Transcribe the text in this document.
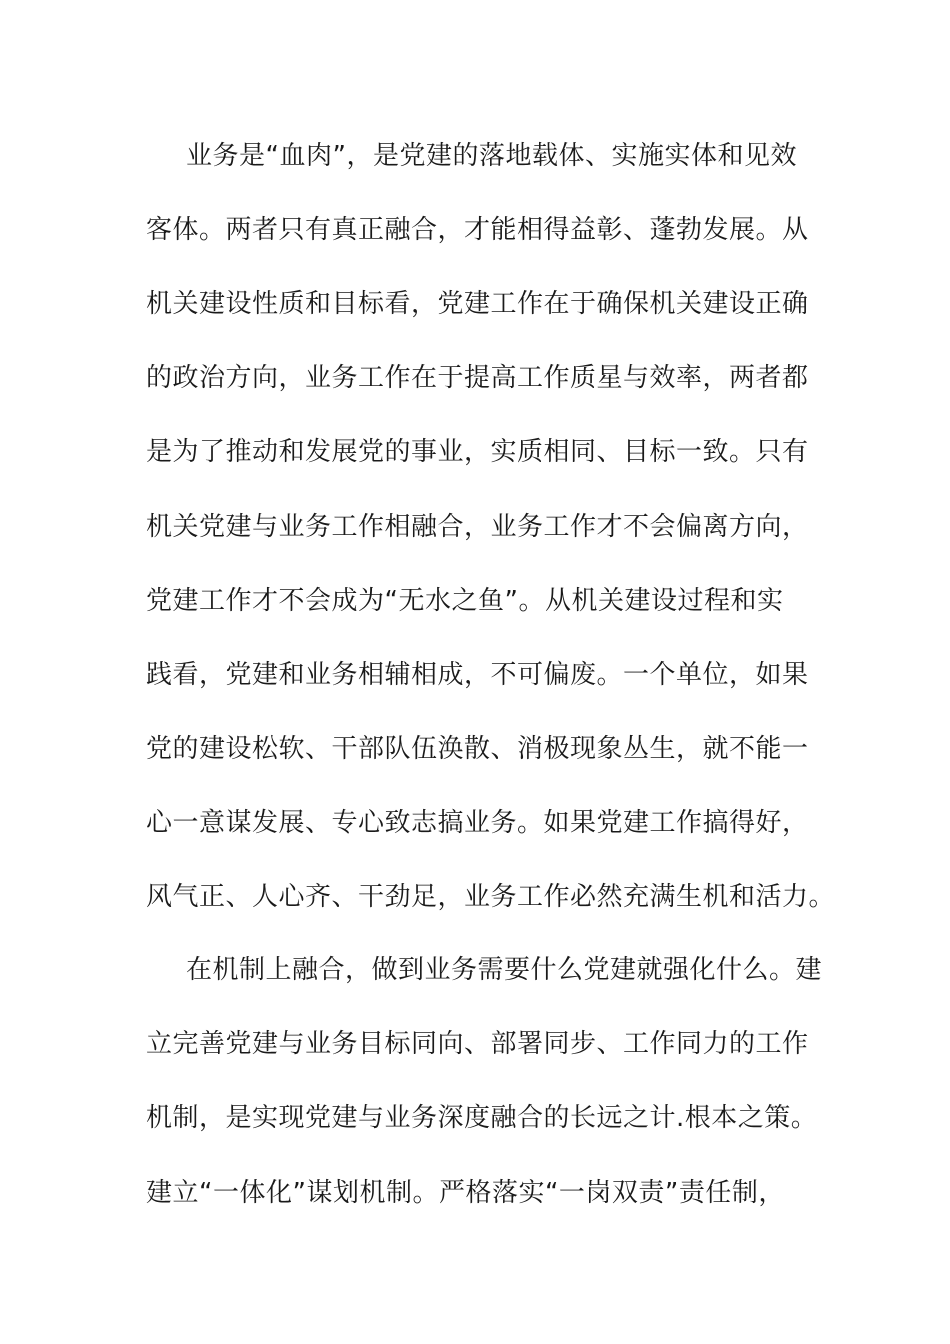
业务是“血肉”，是党建的落地载体、实施实体和见效
客体。两者只有真正融合，才能相得益彰、蓬勃发展。从
机关建设性质和目标看，党建工作在于确保机关建设正确
的政治方向，业务工作在于提高工作质星与效率，两者都
是为了推动和发展党的事业，实质相同、目标一致。只有
机关党建与业务工作相融合，业务工作才不会偏离方向，
党建工作才不会成为“无水之鱼”。从机关建设过程和实
践看，党建和业务相辅相成，不可偏废。一个单位，如果
党的建设松软、干部队伍涣散、消极现象丛生，就不能一
心一意谋发展、专心致志搞业务。如果党建工作搞得好，
风气正、人心齐、干劲足，业务工作必然充满生机和活力。
在机制上融合，做到业务需要什么党建就强化什么。建
立完善党建与业务目标同向、部署同步、工作同力的工作
机制，是实现党建与业务深度融合的长远之计.根本之策。
建立“一体化”谋划机制。严格落实“一岗双责”责任制，
